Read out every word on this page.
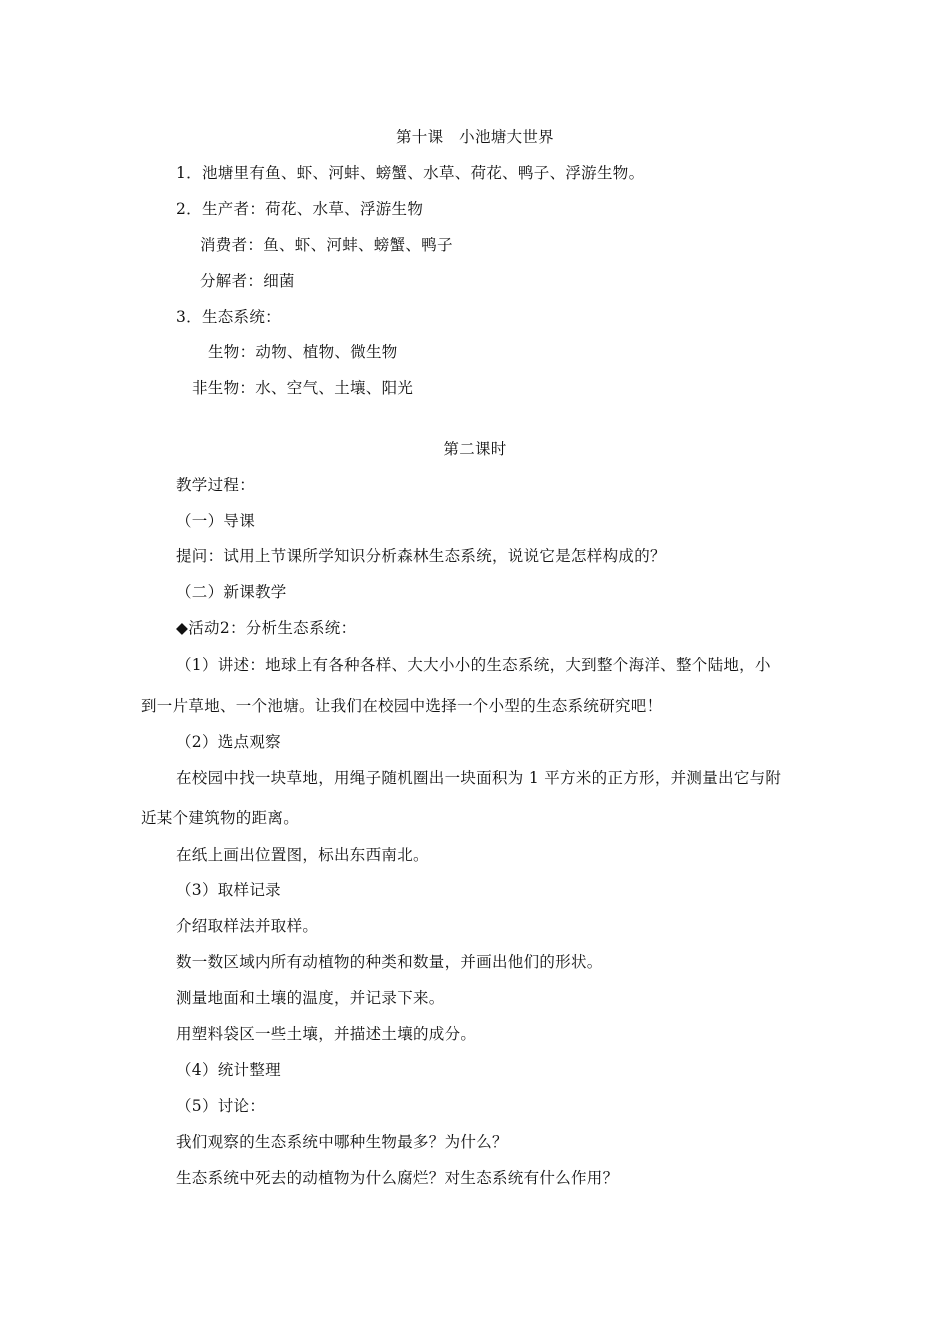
第十课　小池塘大世界

1．池塘里有鱼、虾、河蚌、螃蟹、水草、荷花、鸭子、浮游生物。

2．生产者：荷花、水草、浮游生物

消费者：鱼、虾、河蚌、螃蟹、鸭子

分解者：细菌

3．生态系统：

生物：动物、植物、微生物

非生物：水、空气、土壤、阳光

第二课时

教学过程：

（一）导课

提问：试用上节课所学知识分析森林生态系统，说说它是怎样构成的？

（二）新课教学

◆活动2：分析生态系统：

（1）讲述：地球上有各种各样、大大小小的生态系统，大到整个海洋、整个陆地，小

到一片草地、一个池塘。让我们在校园中选择一个小型的生态系统研究吧！

（2）选点观察

在校园中找一块草地，用绳子随机圈出一块面积为 1 平方米的正方形，并测量出它与附

近某个建筑物的距离。

在纸上画出位置图，标出东西南北。

（3）取样记录

介绍取样法并取样。

数一数区域内所有动植物的种类和数量，并画出他们的形状。

测量地面和土壤的温度，并记录下来。

用塑料袋区一些土壤，并描述土壤的成分。

（4）统计整理

（5）讨论：

我们观察的生态系统中哪种生物最多？为什么？

生态系统中死去的动植物为什么腐烂？对生态系统有什么作用？
